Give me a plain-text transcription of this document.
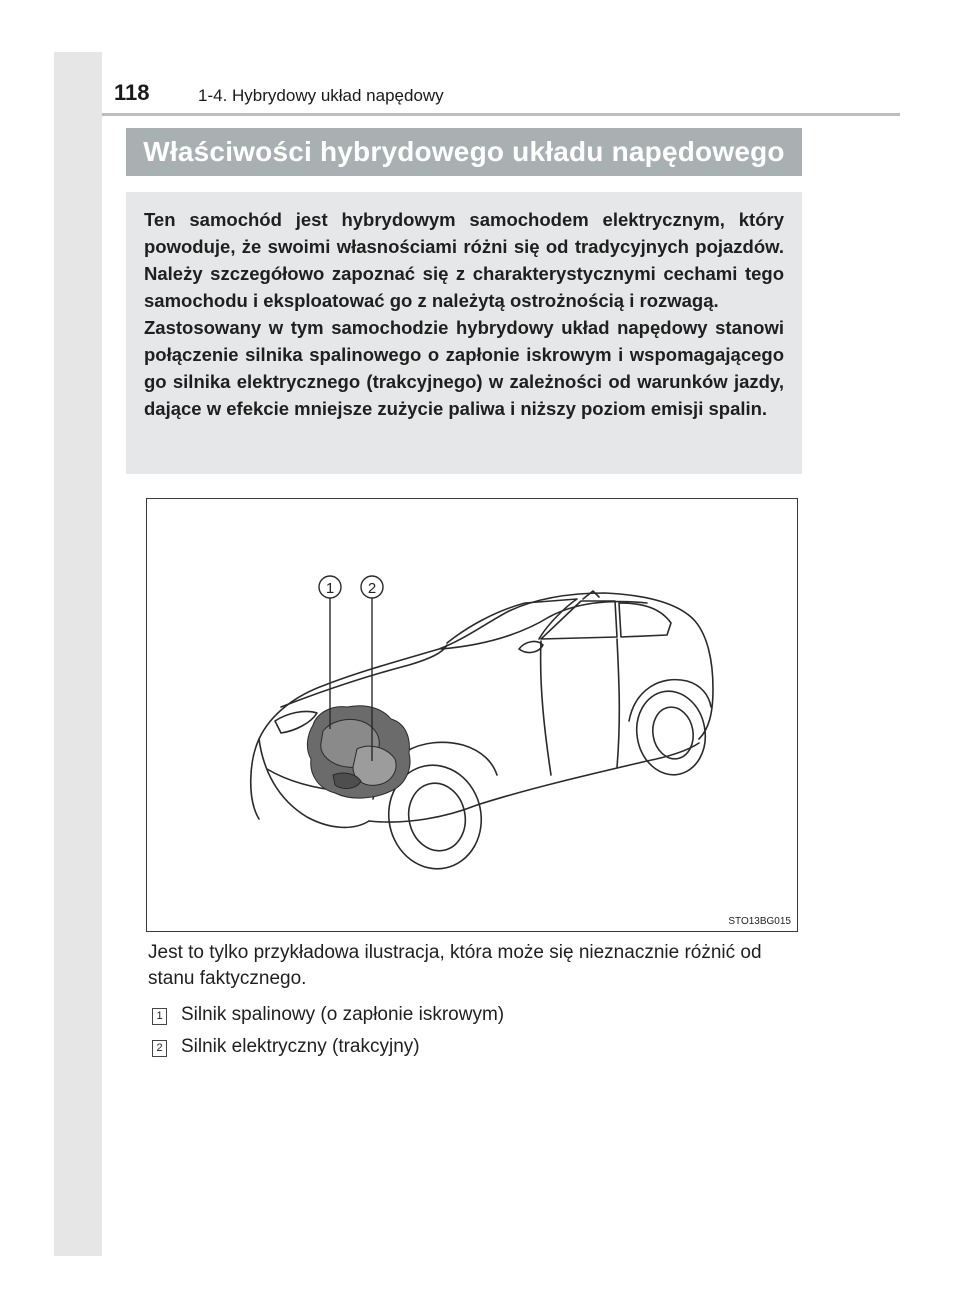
118	1-4. Hybrydowy układ napędowy
Właściwości hybrydowego układu napędowego

Ten samochód jest hybrydowym samochodem elektrycznym, który powoduje, że swoimi własnościami różni się od tradycyjnych pojazdów. Należy szczegółowo zapoznać się z charakterystycznymi cechami tego samochodu i eksploatować go z należytą ostrożnością i rozwagą.

Zastosowany w tym samochodzie hybrydowy układ napędowy stanowi połączenie silnika spalinowego o zapłonie iskrowym i wspomagającego go silnika elektrycznego (trakcyjnego) w zależności od warunków jazdy, dające w efekcie mniejsze zużycie paliwa i niższy poziom emisji spalin.

1 2
STO13BG015
Jest to tylko przykładowa ilustracja, która może się nieznacznie różnić od stanu faktycznego.
1 Silnik spalinowy (o zapłonie iskrowym)
2 Silnik elektryczny (trakcyjny)
